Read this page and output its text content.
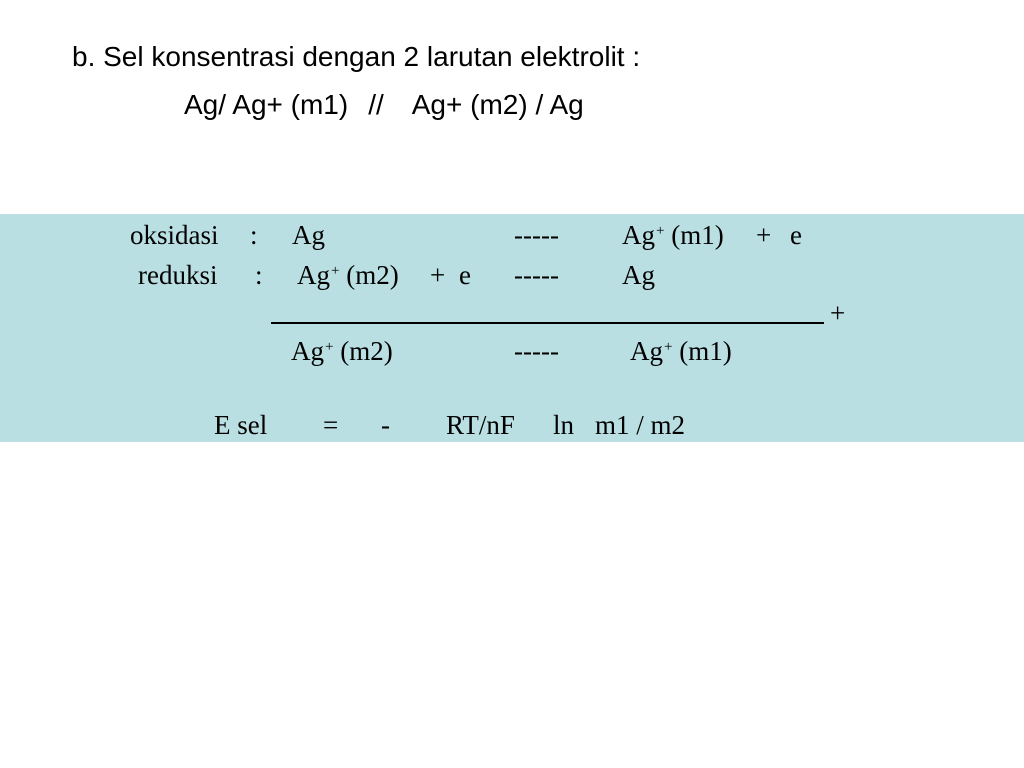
b. Sel konsentrasi dengan 2 larutan elektrolit :
Ag/ Ag+ (m1) // Ag+ (m2) / Ag
oksidasi : Ag	----- Ag+ (m1) + e
reduksi : Ag+ (m2) + e ----- Ag
+
Ag+ (m2)	-----	Ag+ (m1)
E sel = - RT/nF ln m1 / m2
